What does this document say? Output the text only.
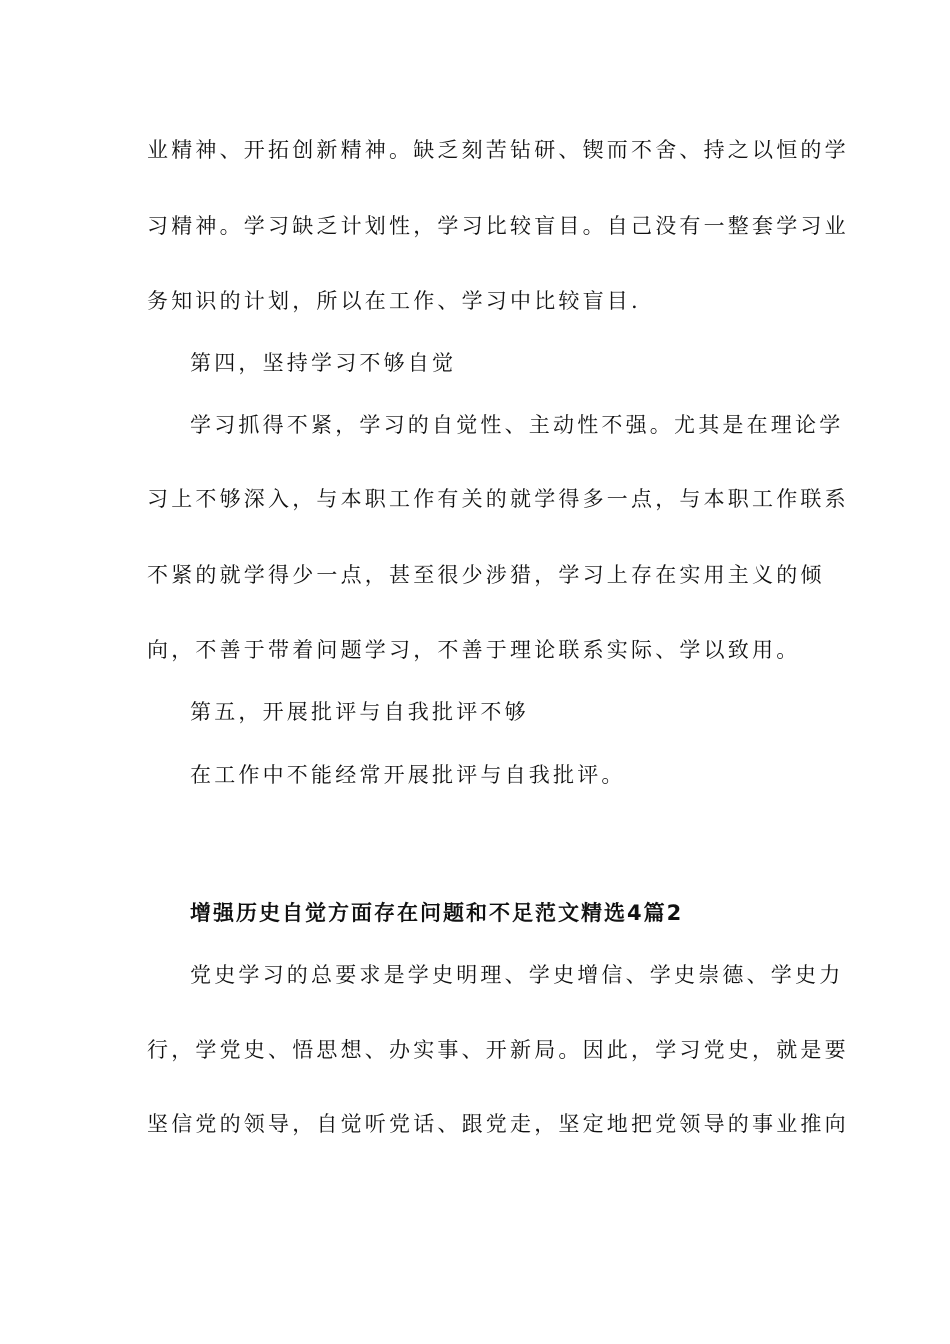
业精神、开拓创新精神。缺乏刻苦钻研、锲而不舍、持之以恒的学
习精神。学习缺乏计划性，学习比较盲目。自己没有一整套学习业
务知识的计划，所以在工作、学习中比较盲目.
第四，坚持学习不够自觉
学习抓得不紧，学习的自觉性、主动性不强。尤其是在理论学
习上不够深入，与本职工作有关的就学得多一点，与本职工作联系
不紧的就学得少一点，甚至很少涉猎，学习上存在实用主义的倾
向，不善于带着问题学习，不善于理论联系实际、学以致用。
第五，开展批评与自我批评不够
在工作中不能经常开展批评与自我批评。
增强历史自觉方面存在问题和不足范文精选4篇2
党史学习的总要求是学史明理、学史增信、学史崇德、学史力
行，学党史、悟思想、办实事、开新局。因此，学习党史，就是要
坚信党的领导，自觉听党话、跟党走，坚定地把党领导的事业推向
